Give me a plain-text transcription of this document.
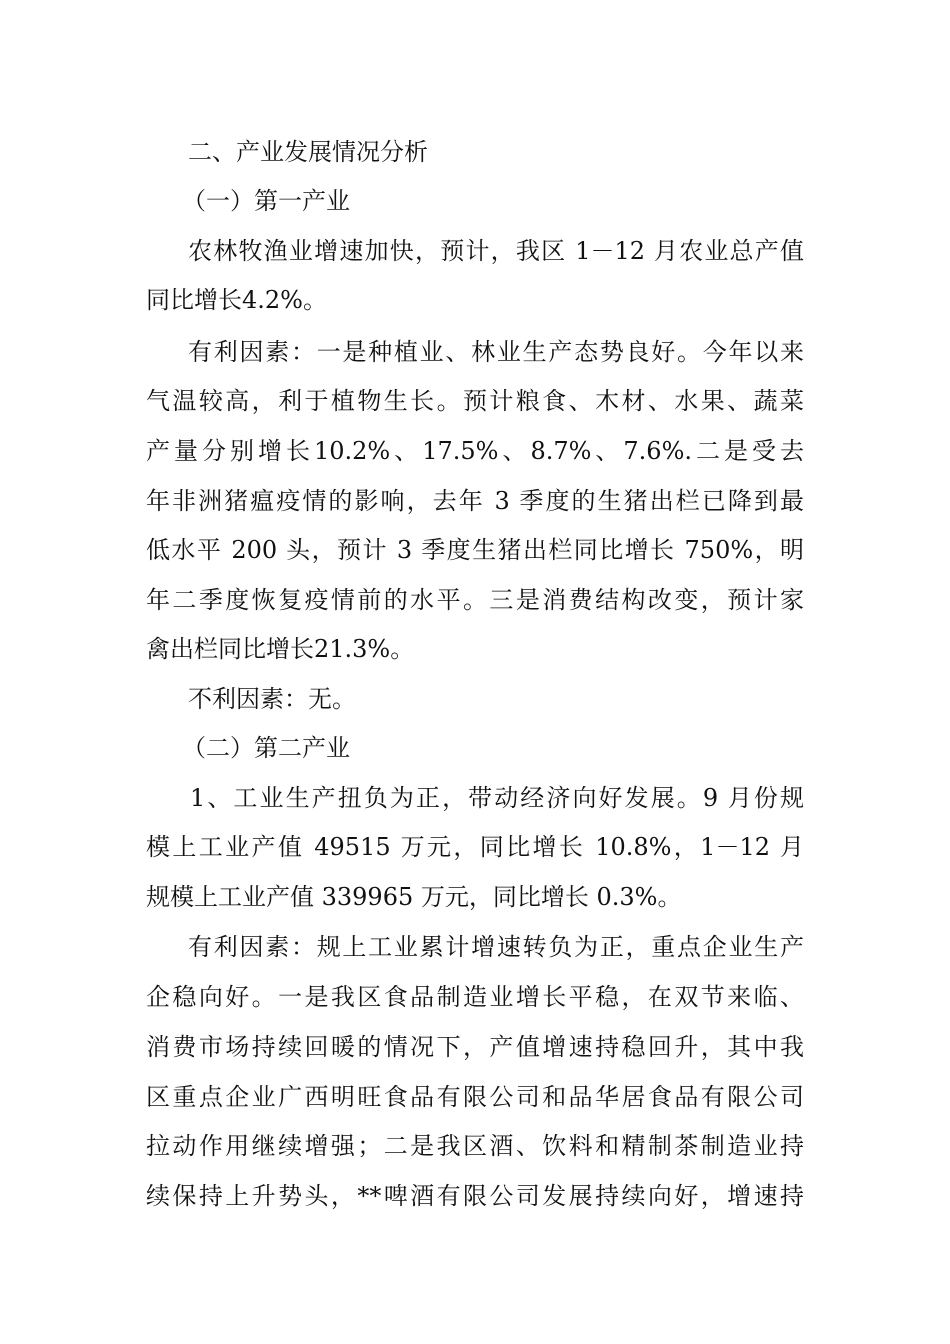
二、产业发展情况分析
（一）第一产业
农林牧渔业增速加快，预计，我区 1－12 月农业总产值
同比增长4.2%。
有利因素：一是种植业、林业生产态势良好。今年以来
气温较高，利于植物生长。预计粮食、木材、水果、蔬菜
产量分别增长10.2%、17.5%、8.7%、7.6%.二是受去
年非洲猪瘟疫情的影响，去年 3 季度的生猪出栏已降到最
低水平 200 头，预计 3 季度生猪出栏同比增长 750%，明
年二季度恢复疫情前的水平。三是消费结构改变，预计家
禽出栏同比增长21.3%。
不利因素：无。
（二）第二产业
1、工业生产扭负为正，带动经济向好发展。9 月份规
模上工业产值 49515 万元，同比增长 10.8%，1－12 月
规模上工业产值 339965 万元，同比增长 0.3%。
有利因素：规上工业累计增速转负为正，重点企业生产
企稳向好。一是我区食品制造业增长平稳，在双节来临、
消费市场持续回暖的情况下，产值增速持稳回升，其中我
区重点企业广西明旺食品有限公司和品华居食品有限公司
拉动作用继续增强；二是我区酒、饮料和精制茶制造业持
续保持上升势头，**啤酒有限公司发展持续向好，增速持
